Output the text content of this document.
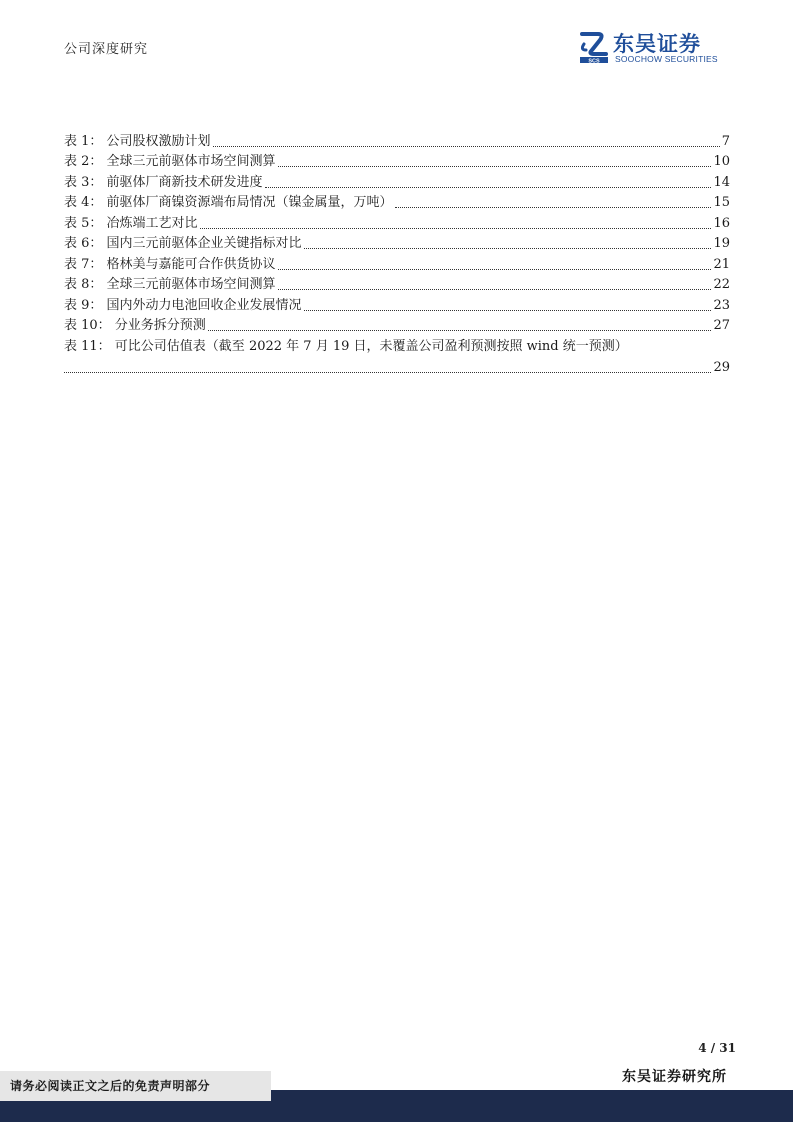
公司深度研究
SCS
东吴证券
SOOCHOW SECURITIES
表 1： 公司股权激励计划	7
表 2： 全球三元前驱体市场空间测算	10
表 3： 前驱体厂商新技术研发进度	14
表 4： 前驱体厂商镍资源端布局情况（镍金属量，万吨）	15
表 5： 冶炼端工艺对比	16
表 6： 国内三元前驱体企业关键指标对比	19
表 7： 格林美与嘉能可合作供货协议	21
表 8： 全球三元前驱体市场空间测算	22
表 9： 国内外动力电池回收企业发展情况	23
表 10： 分业务拆分预测	27
表 11： 可比公司估值表（截至 2022 年 7 月 19 日，未覆盖公司盈利预测按照 wind 统一预测）
29
4 / 31
东吴证券研究所
请务必阅读正文之后的免责声明部分
